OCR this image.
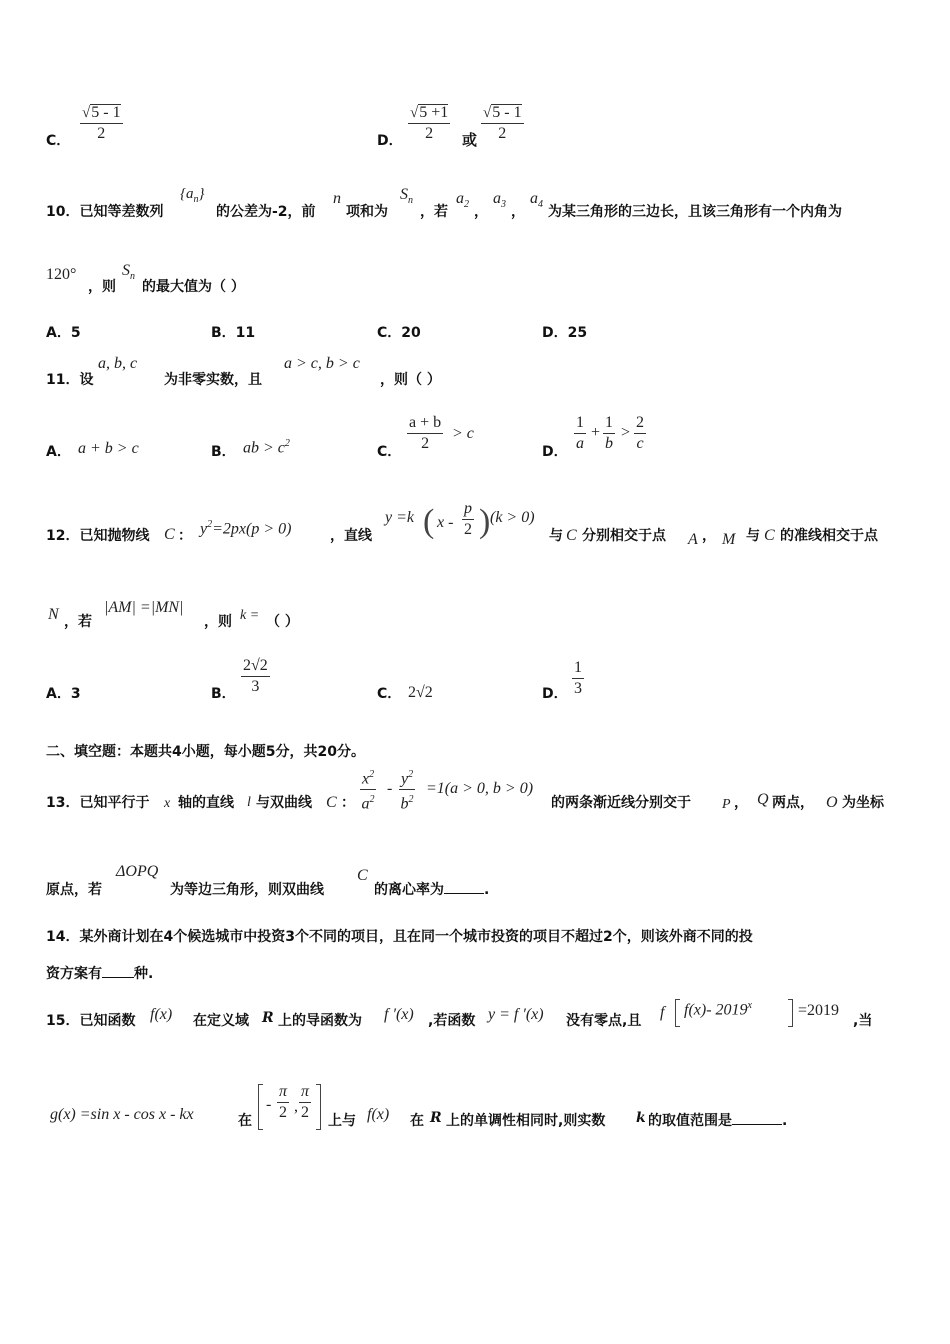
C． $\frac{√5 - 1}{2}$	D． $\frac{√5 +1}{2}$ 或 $\frac{√5 - 1}{2}$
10．已知等差数列
$\{a_n\}$
的公差为-2，前
n
项和为
$S_n$
，若
$a_2$ ，
$a_3$ ，
$a_4$ 为某三角形的三边长，且该三角形有一个内角为
120°
，则
$S_n$
的最大值为（ ）
A．5	B．11	C．20	D．25
11．设
a, b, c
为非零实数，且
a > c, b > c
，则（ ）
A． a + b > c	B． ab > $c^2$
C． $\frac{a + b}{2} > c$
D． $\frac{1}{a} + \frac{1}{b} > \frac{2}{c}$
12．已知抛物线 C ： $y^2=2px(p > 0)$	，直线
y =k ( x - $\frac{p}{2}$ ) (k > 0)
与 C 分别相交于点 A ， M 与 C 的准线相交于点
N ，若
|AM| =|MN|
，则 k = （ ）
A．3	B． $\frac{2√2}{3}$	C． 2√2	D． $\frac{1}{3}$
二、填空题：本题共4小题，每小题5分，共20分。
13．已知平行于 x 轴的直线 l 与双曲线 C ： $\frac{x^2}{a^2} - \frac{y^2}{b^2} =1(a > 0$, b > 0)
的两条渐近线分别交于 P ， Q 两点， O 为坐标
原点，若
ΔOPQ
为等边三角形，则双曲线
C
的离心率为	.
14．某外商计划在4个候选城市中投资3个不同的项目，且在同一个城市投资的项目不超过2个，则该外商不同的投
资方案有 种.
15．已知函数 f(x) 在定义域 R 上的导函数为 f ′(x) ,若函数 y = f ′(x) 没有零点,且 f f(x)- $2019^x$	=2019
,当
g(x) =sin x - cos x - kx	在
- $\frac{\pi}{2}$ , $\frac{\pi}{2}$ 上与 f(x) 在 R 上的单调性相同时,则实数 k 的取值范围是	.
